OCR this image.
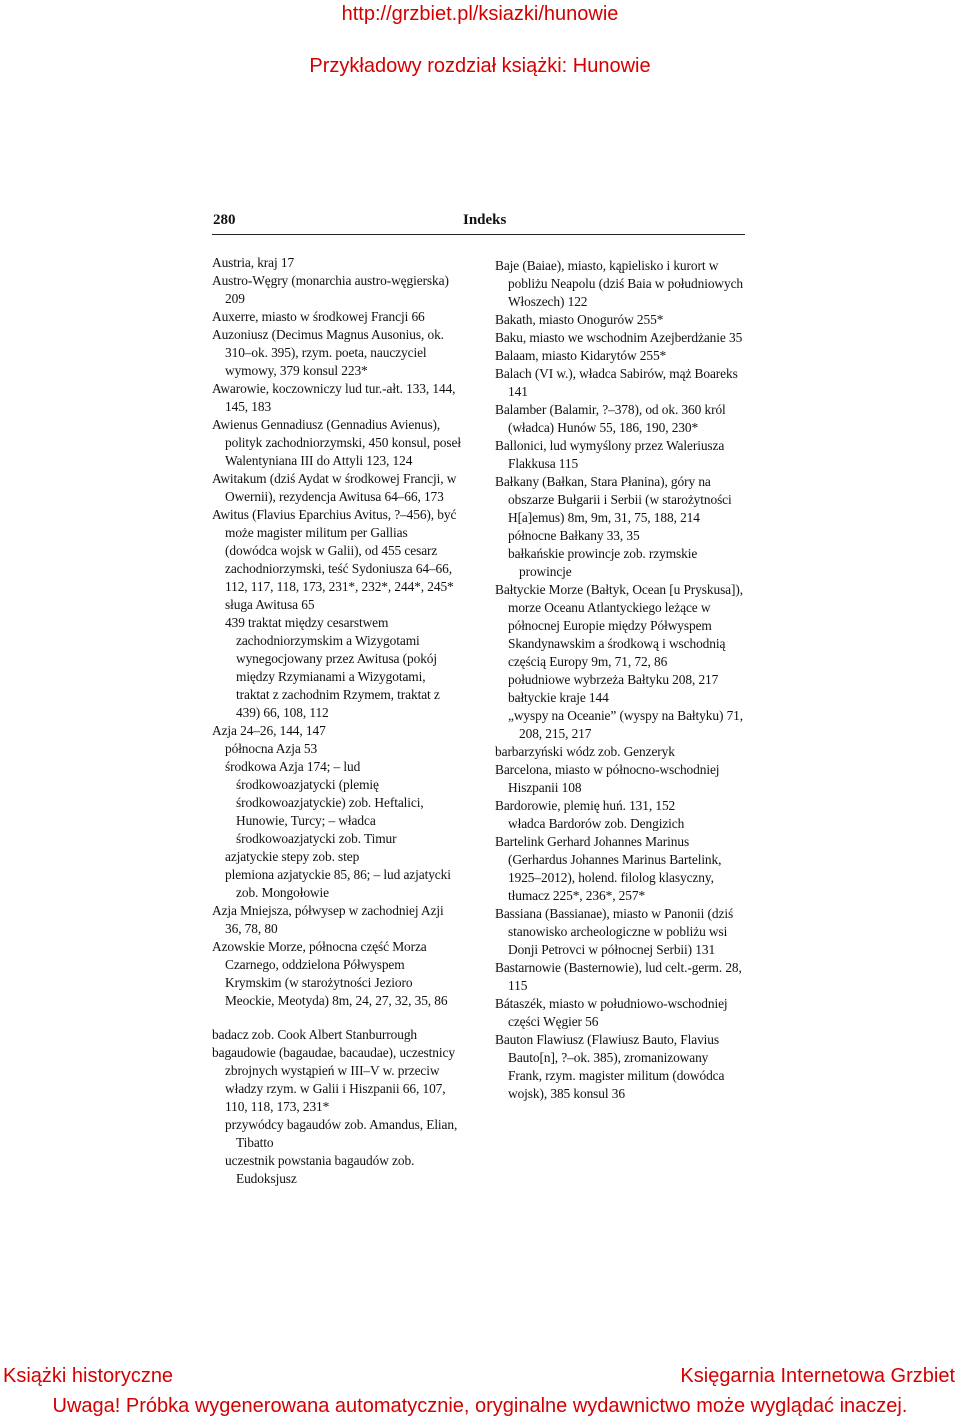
http://grzbiet.pl/ksiazki/hunowie
Przykładowy rozdział książki: Hunowie
280	Indeks

Austria, kraj 17

Austro-Węgry (monarchia austro-węgierska) 209

Auxerre, miasto w środkowej Francji 66

Auzoniusz (Decimus Magnus Ausonius, ok. 310–ok. 395), rzym. poeta, nauczyciel wymowy, 379 konsul 223*

Awarowie, koczowniczy lud tur.-ałt. 133, 144, 145, 183

Awienus Gennadiusz (Gennadius Avienus), polityk zachodniorzymski, 450 konsul, poseł Walentyniana III do Attyli 123, 124

Awitakum (dziś Aydat w środkowej Francji, w Owernii), rezydencja Awitusa 64–66, 173

Awitus (Flavius Eparchius Avitus, ?–456), być może magister militum per Gallias (dowódca wojsk w Galii), od 455 cesarz zachodniorzymski, teść Sydoniusza 64–66, 112, 117, 118, 173, 231*, 232*, 244*, 245*

sługa Awitusa 65

439 traktat między cesarstwem zachodniorzymskim a Wizygotami wynegocjowany przez Awitusa (pokój między Rzymianami a Wizygotami, traktat z zachodnim Rzymem, traktat z 439) 66, 108, 112

Azja 24–26, 144, 147

północna Azja 53

środkowa Azja 174; – lud środkowoazjatycki (plemię środkowoazjatyckie) zob. Heftalici, Hunowie, Turcy; – władca środkowoazjatycki zob. Timur

azjatyckie stepy zob. step

plemiona azjatyckie 85, 86; – lud azjatycki zob. Mongołowie

Azja Mniejsza, półwysep w zachodniej Azji 36, 78, 80

Azowskie Morze, północna część Morza Czarnego, oddzielona Półwyspem Krymskim (w starożytności Jezioro Meockie, Meotyda) 8m, 24, 27, 32, 35, 86

badacz zob. Cook Albert Stanburrough

bagaudowie (bagaudae, bacaudae), uczestnicy zbrojnych wystąpień w III–V w. przeciw władzy rzym. w Galii i Hiszpanii 66, 107, 110, 118, 173, 231*

przywódcy bagaudów zob. Amandus, Elian, Tibatto

uczestnik powstania bagaudów zob. Eudoksjusz

Baje (Baiae), miasto, kąpielisko i kurort w pobliżu Neapolu (dziś Baia w południowych Włoszech) 122

Bakath, miasto Onogurów 255*

Baku, miasto we wschodnim Azejberdżanie 35

Balaam, miasto Kidarytów 255*

Balach (VI w.), władca Sabirów, mąż Boareks 141

Balamber (Balamir, ?–378), od ok. 360 król (władca) Hunów 55, 186, 190, 230*

Ballonici, lud wymyślony przez Waleriusza Flakkusa 115

Bałkany (Bałkan, Stara Płanina), góry na obszarze Bułgarii i Serbii (w starożytności H[a]emus) 8m, 9m, 31, 75, 188, 214

północne Bałkany 33, 35

bałkańskie prowincje zob. rzymskie prowincje

Bałtyckie Morze (Bałtyk, Ocean [u Pryskusa]), morze Oceanu Atlantyckiego leżące w północnej Europie między Półwyspem Skandynawskim a środkową i wschodnią częścią Europy 9m, 71, 72, 86

południowe wybrzeża Bałtyku 208, 217

bałtyckie kraje 144

„wyspy na Oceanie” (wyspy na Bałtyku) 71, 208, 215, 217

barbarzyński wódz zob. Genzeryk

Barcelona, miasto w północno-wschodniej Hiszpanii 108

Bardorowie, plemię huń. 131, 152

władca Bardorów zob. Dengizich

Bartelink Gerhard Johannes Marinus (Gerhardus Johannes Marinus Bartelink, 1925–2012), holend. filolog klasyczny, tłumacz 225*, 236*, 257*

Bassiana (Bassianae), miasto w Panonii (dziś stanowisko archeologiczne w pobliżu wsi Donji Petrovci w północnej Serbii) 131

Bastarnowie (Basternowie), lud celt.-germ. 28, 115

Bátaszék, miasto w południowo-wschodniej części Węgier 56

Bauton Flawiusz (Flawiusz Bauto, Flavius Bauto[n], ?–ok. 385), zromanizowany Frank, rzym. magister militum (dowódca wojsk), 385 konsul 36

Książki historyczne	Księgarnia Internetowa Grzbiet
Uwaga! Próbka wygenerowana automatycznie, oryginalne wydawnictwo może wyglądać inaczej.
